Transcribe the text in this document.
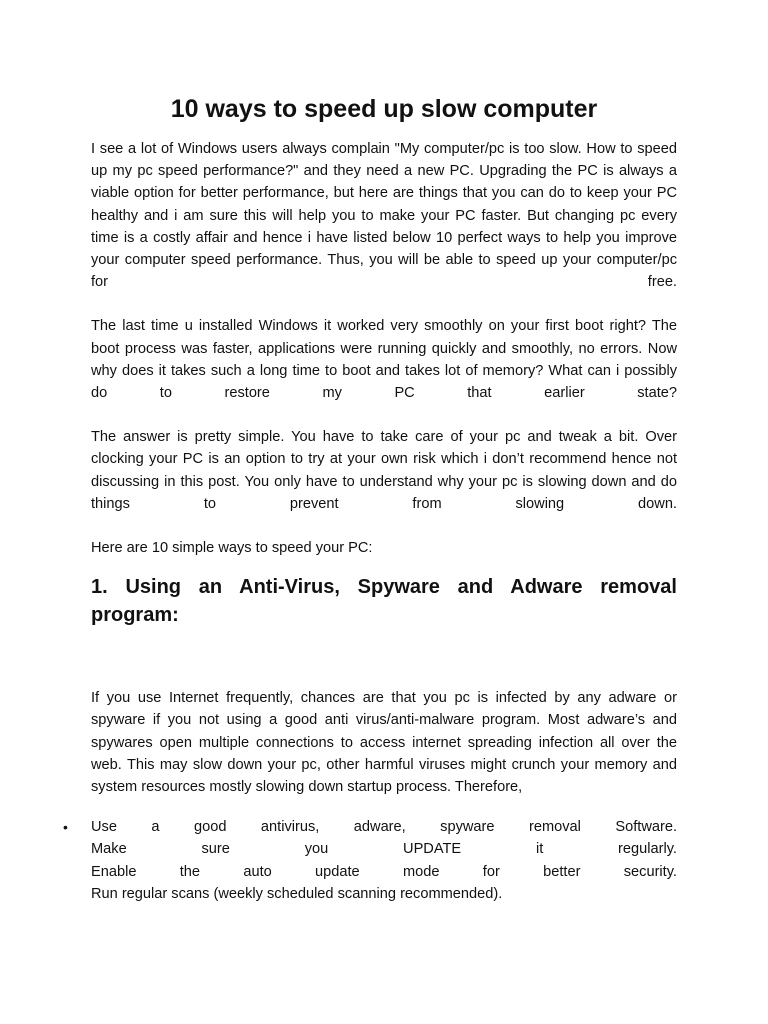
10 ways to speed up slow computer

I see a lot of Windows users always complain "My computer/pc is too slow. How to speed up my pc speed performance?" and they need a new PC. Upgrading the PC is always a viable option for better performance, but here are things that you can do to keep your PC healthy and i am sure this will help you to make your PC faster. But changing pc every time is a costly affair and hence i have listed below 10 perfect ways to help you improve your computer speed performance. Thus, you will be able to speed up your computer/pc for free.

The last time u installed Windows it worked very smoothly on your first boot right? The boot process was faster, applications were running quickly and smoothly, no errors. Now why does it takes such a long time to boot and takes lot of memory? What can i possibly do to restore my PC that earlier state?

The answer is pretty simple. You have to take care of your pc and tweak a bit. Over clocking your PC is an option to try at your own risk which i don’t recommend hence not discussing in this post. You only have to understand why your pc is slowing down and do things to prevent from slowing down.

Here are 10 simple ways to speed your PC:

1. Using an Anti-Virus, Spyware and Adware removal program:

If you use Internet frequently, chances are that you pc is infected by any adware or spyware if you not using a good anti virus/anti-malware program. Most adware’s and spywares open multiple connections to access internet spreading infection all over the web. This may slow down your pc, other harmful viruses might crunch your memory and system resources mostly slowing down startup process. Therefore,

• Use a good antivirus, adware, spyware removal Software.
Make sure you UPDATE it regularly.
Enable the auto update mode for better security.
Run regular scans (weekly scheduled scanning recommended).
